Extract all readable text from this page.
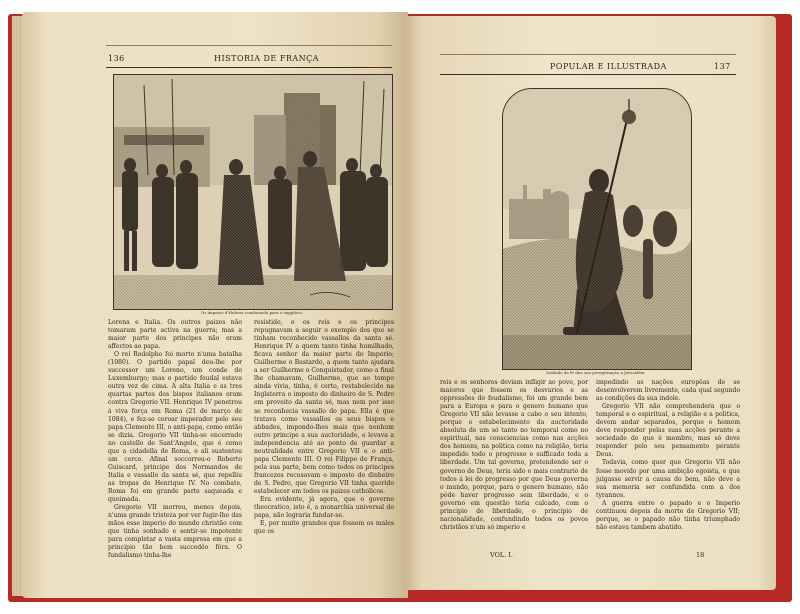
136	HISTORIA DE FRANÇA
Os ímpetos d'Hebrea conduzindo para o supplicio.

Lorena e Italia. Os outros paizes não tomaram parte activa na guerra; mas a maior parte dos principes não eram affectos ao papa.

O rei Rodolpho foi morto n'uma batalha (1080). O partido papal deu-lhe por successor um Loreno, um conde do Luxemburgo; mas o partido feudal estava outra vez de cima. A alta Italia e as tres quartas partes dos bispos italianos eram contra Gregorio VII. Henrique IV penetrou á viva força em Roma (21 de março de 1084), e fez-se coroar imperador pelo seu papa Clemente III, o anti-papa, como então se dizia. Gregorio VII tinha-se encerrado no castello de Sant'Angelo, que é como que a cidadella de Roma, e ali sustentou um cerco. Afinal soccorreu-o Roberto Guiscard, principe dos Normandos de Italia e vassallo da santa sé, que repelliu as tropas de Henrique IV. No combate, Roma foi em grande parte saqueada e queimada.

Gregorio VII morreu, menos depois, n'uma grande tristeza por ver fugir-lhe das mãos esse imperio do mundo christão com que tinha sonhado e sentir-se impotente para completar a vasta empresa em que a principio tão bem succedêo fôra. O fundalismo tinha-lhe

resistido, e os reis e os principes repugnavam a seguir o exemplo dos que se tinham reconhecido vassallos da santa sé. Henrique IV a quem tanto tinha humilhado, ficava senhor da maior parte do Imperio; Guilherme o Bastardo, a quem tanto ajudara a ser Guilherme o Conquistador, como a final lhe chamavam, Guilherme, que ao tempo ainda vivia, tinha, é certo, restabelecido na Inglaterra o imposto do dinheiro de S. Pedro em proveito da santa sé, mas nem por isso se reconhecia vassallo do papa. Ella é que tratava como vassallos os seus bispos e abbades, impondo-lhes mais que nenhum outro principe a sua auctoridade, e levava a independencia até ao ponto de guardar a neutralidade entre Gregorio VII e o anti-papa Clemente III. O rei Filippe de França, pela sua parte, bem como todos os principes francezes recusavam o imposto do dinheiro de S. Pedro, que Gregorio VII tinha querido estabelecer em todos os paizes catholicos.

Era evidente, já agora, que o governo theocratico, isto é, a monarchia universal do papa, não lograria fundar-se.

E, por muito grandes que fossem os males que os

POPULAR E ILLUSTRADA	137
Soldado da fé deu sua peregrinação a Jerusalém.

reis e os senhores deviam infligir ao povo, por maiores que fossem os desvarios e as oppressões do feudalismo, foi um grande bem para a Europa e para o genero humano que Gregorio VII não levasse a cabo o seu intento, porque o estabelecimento da auctoridade absoluta de um só tanto no temporal como no espiritual, nas consciencias como nas acções dos homens, na politica como na religião, teria impedido todo o progresso e sufficado toda a liberdade. Um tal governo, pretendendo ser o governo de Deus, teria sido o mais contrario de todos á lei do progresso por que Deus governa o mundo, porque, para o genero humano, não póde haver progresso sem liberdade, e o governo em questão teria calcado, com o principio de liberdade, o principio de nacionalidade, confundindo todos os povos christãos n'um só imperio e

impedindo as nações europêas de se desenvolverem livremente, cada qual segundo as condições da sua indole.

Gregorio VII não comprehendera que o temporal e o espiritual, a religião e a politica, devem andar separados, porque o homem deve responder pelas suas acções perante a sociedade de que é membro, mas só deve responder pelo seu pensamento perante Deus.

Todavia, como quer que Gregorio VII não fosse movido por uma ambição egoista, e que julgasse servir a causa do bem, não deve a sua memoria ser confundida com a dos tyrannos.

A guerra entre o papado e o Imperio continuou depois da morte de Gregorio VII; porque, se o papado não tinha triumphado não estava tambem abatido.

VOL. I.	18
